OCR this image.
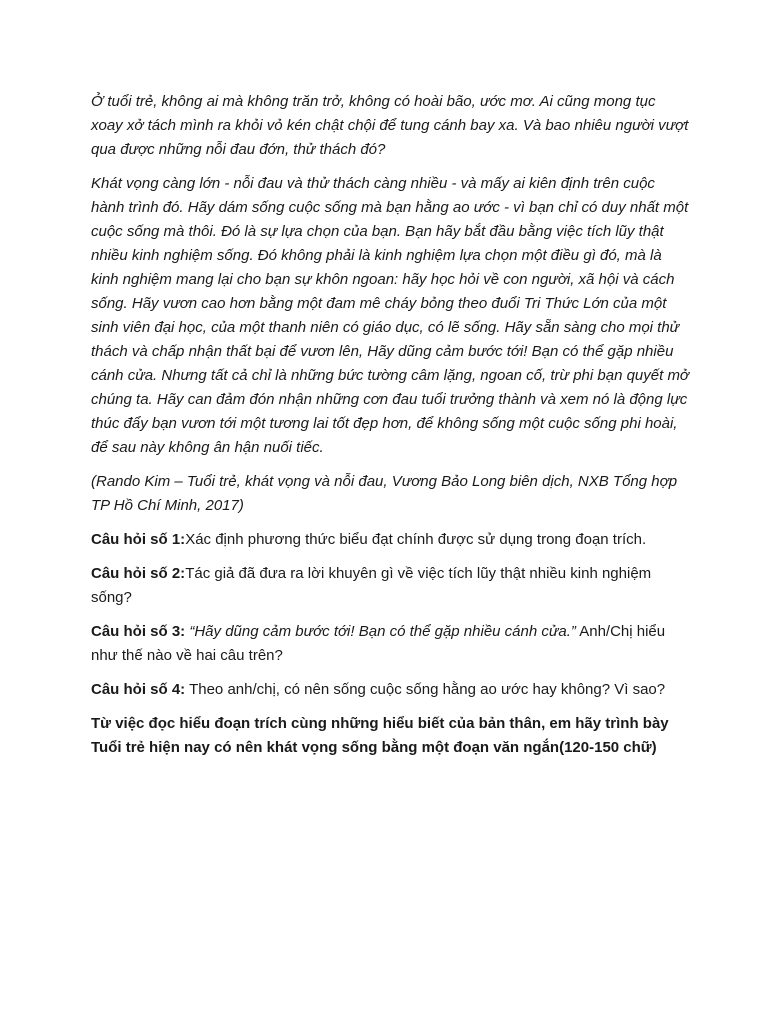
Ở tuổi trẻ, không ai mà không trăn trở, không có hoài bão, ước mơ. Ai cũng mong tục xoay xở tách mình ra khỏi vỏ kén chật chội để tung cánh bay xa. Và bao nhiêu người vượt qua được những nỗi đau đớn, thử thách đó?

Khát vọng càng lớn - nỗi đau và thử thách càng nhiều - và mấy ai kiên định trên cuộc hành trình đó. Hãy dám sống cuộc sống mà bạn hằng ao ước - vì bạn chỉ có duy nhất một cuộc sống mà thôi. Đó là sự lựa chọn của bạn. Bạn hãy bắt đầu bằng việc tích lũy thật nhiều kinh nghiệm sống. Đó không phải là kinh nghiệm lựa chọn một điều gì đó, mà là kinh nghiệm mang lại cho bạn sự khôn ngoan: hãy học hỏi về con người, xã hội và cách sống. Hãy vươn cao hơn bằng một đam mê cháy bỏng theo đuổi Tri Thức Lớn của một sinh viên đại học, của một thanh niên có giáo dục, có lẽ sống. Hãy sẵn sàng cho mọi thử thách và chấp nhận thất bại để vươn lên, Hãy dũng cảm bước tới! Bạn có thể gặp nhiều cánh cửa. Nhưng tất cả chỉ là những bức tường câm lặng, ngoan cố, trừ phi bạn quyết mở chúng ta. Hãy can đảm đón nhận những cơn đau tuổi trưởng thành và xem nó là động lực thúc đẩy bạn vươn tới một tương lai tốt đẹp hơn, để không sống một cuộc sống phi hoài, để sau này không ân hận nuối tiếc.

(Rando Kim – Tuổi trẻ, khát vọng và nỗi đau, Vương Bảo Long biên dịch, NXB Tổng hợp TP Hồ Chí Minh, 2017)

Câu hỏi số 1:Xác định phương thức biểu đạt chính được sử dụng trong đoạn trích.

Câu hỏi số 2:Tác giả đã đưa ra lời khuyên gì về việc tích lũy thật nhiều kinh nghiệm sống?

Câu hỏi số 3: “Hãy dũng cảm bước tới! Bạn có thể gặp nhiều cánh cửa.” Anh/Chị hiểu như thế nào về hai câu trên?

Câu hỏi số 4: Theo anh/chị, có nên sống cuộc sống hằng ao ước hay không? Vì sao?

Từ việc đọc hiểu đoạn trích cùng những hiểu biết của bản thân, em hãy trình bày Tuổi trẻ hiện nay có nên khát vọng sống bằng một đoạn văn ngắn(120-150 chữ)
